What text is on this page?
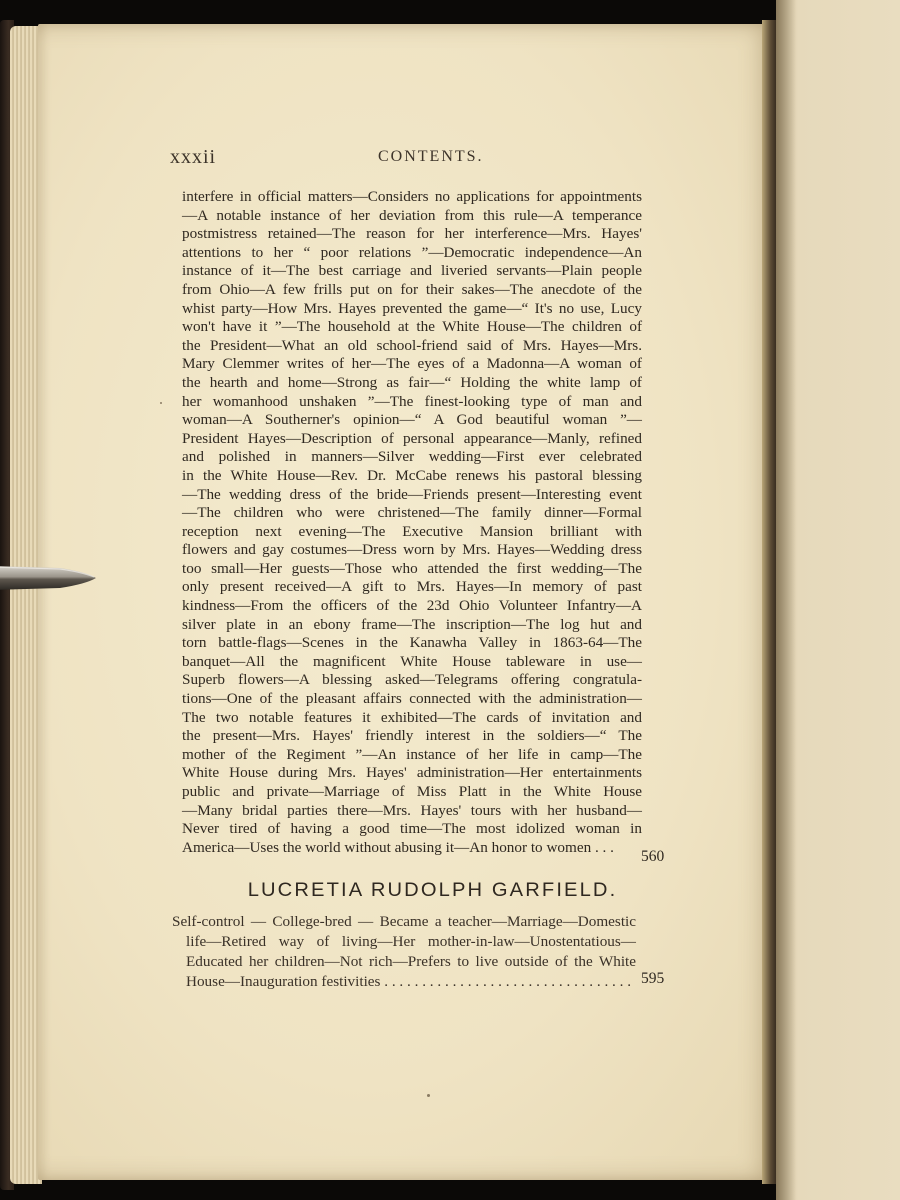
xxxii	CONTENTS.
interfere in official matters—Considers no applications for appointments
—A notable instance of her deviation from this rule—A temperance
postmistress retained—The reason for her interference—Mrs. Hayes'
attentions to her “ poor relations ”—Democratic independence—An
instance of it—The best carriage and liveried servants—Plain people
from Ohio—A few frills put on for their sakes—The anecdote of the
whist party—How Mrs. Hayes prevented the game—“ It's no use, Lucy
won't have it ”—The household at the White House—The children of
the President—What an old school-friend said of Mrs. Hayes—Mrs.
Mary Clemmer writes of her—The eyes of a Madonna—A woman of
the hearth and home—Strong as fair—“ Holding the white lamp of
her womanhood unshaken ”—The finest-looking type of man and
woman—A Southerner's opinion—“ A God beautiful woman ”—
President Hayes—Description of personal appearance—Manly, refined
and polished in manners—Silver wedding—First ever celebrated
in the White House—Rev. Dr. McCabe renews his pastoral blessing
—The wedding dress of the bride—Friends present—Interesting event
—The children who were christened—The family dinner—Formal
reception next evening—The Executive Mansion brilliant with
flowers and gay costumes—Dress worn by Mrs. Hayes—Wedding dress
too small—Her guests—Those who attended the first wedding—The
only present received—A gift to Mrs. Hayes—In memory of past
kindness—From the officers of the 23d Ohio Volunteer Infantry—A
silver plate in an ebony frame—The inscription—The log hut and
torn battle-flags—Scenes in the Kanawha Valley in 1863-64—The
banquet—All the magnificent White House tableware in use—
Superb flowers—A blessing asked—Telegrams offering congratula-
tions—One of the pleasant affairs connected with the administration—
The two notable features it exhibited—The cards of invitation and
the present—Mrs. Hayes' friendly interest in the soldiers—“ The
mother of the Regiment ”—An instance of her life in camp—The
White House during Mrs. Hayes' administration—Her entertainments
public and private—Marriage of Miss Platt in the White House
—Many bridal parties there—Mrs. Hayes' tours with her husband—
Never tired of having a good time—The most idolized woman in
America—Uses the world without abusing it—An honor to women . . .
560
LUCRETIA RUDOLPH GARFIELD.
Self-control — College-bred — Became a teacher—Marriage—Domestic
life—Retired way of living—Her mother-in-law—Unostentatious—
Educated her children—Not rich—Prefers to live outside of the White
House—Inauguration festivities . . . . . . . . . . . . . . . . . . . . . . . . . . . . . . . . . 595
